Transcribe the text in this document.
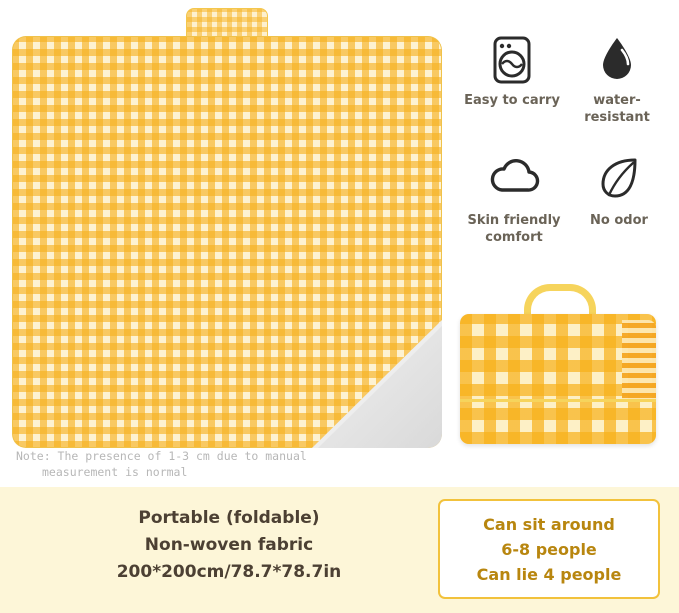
Note: The presence of 1-3 cm due to manual
measurement is normal
Easy to carry	water-resistant
Skin friendly comfort
No odor
Portable (foldable)
Non-woven fabric
200*200cm/78.7*78.7in
Can sit around
6-8 people
Can lie 4 people
